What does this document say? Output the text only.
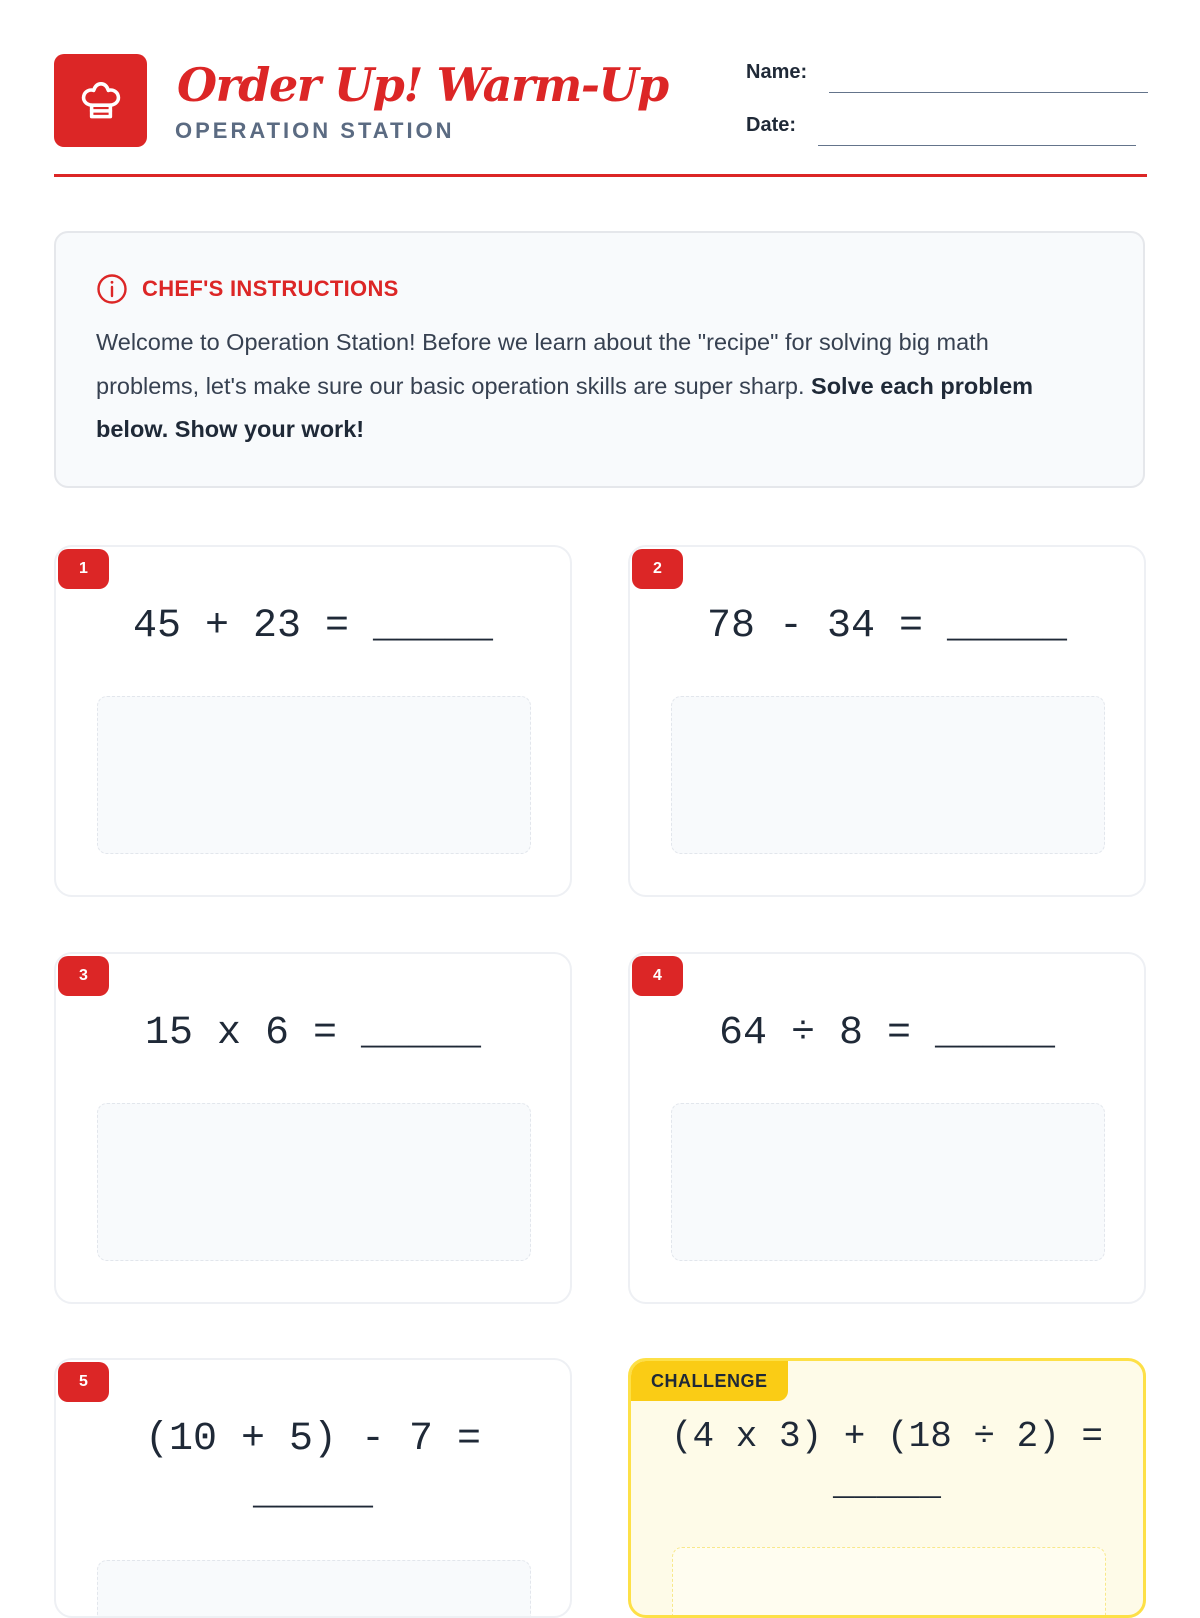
Order Up! Warm-Up
OPERATION STATION
Name:
Date:
CHEF'S INSTRUCTIONS
Welcome to Operation Station! Before we learn about the "recipe" for solving big math problems, let's make sure our basic operation skills are super sharp. Solve each problem below. Show your work!
1
45 + 23 = _____
2
78 - 34 = _____
3
15 x 6 = _____
4
64 ÷ 8 = _____
5
(10 + 5) - 7 =
_____
CHALLENGE
(4 x 3) + (18 ÷ 2) =
_____
